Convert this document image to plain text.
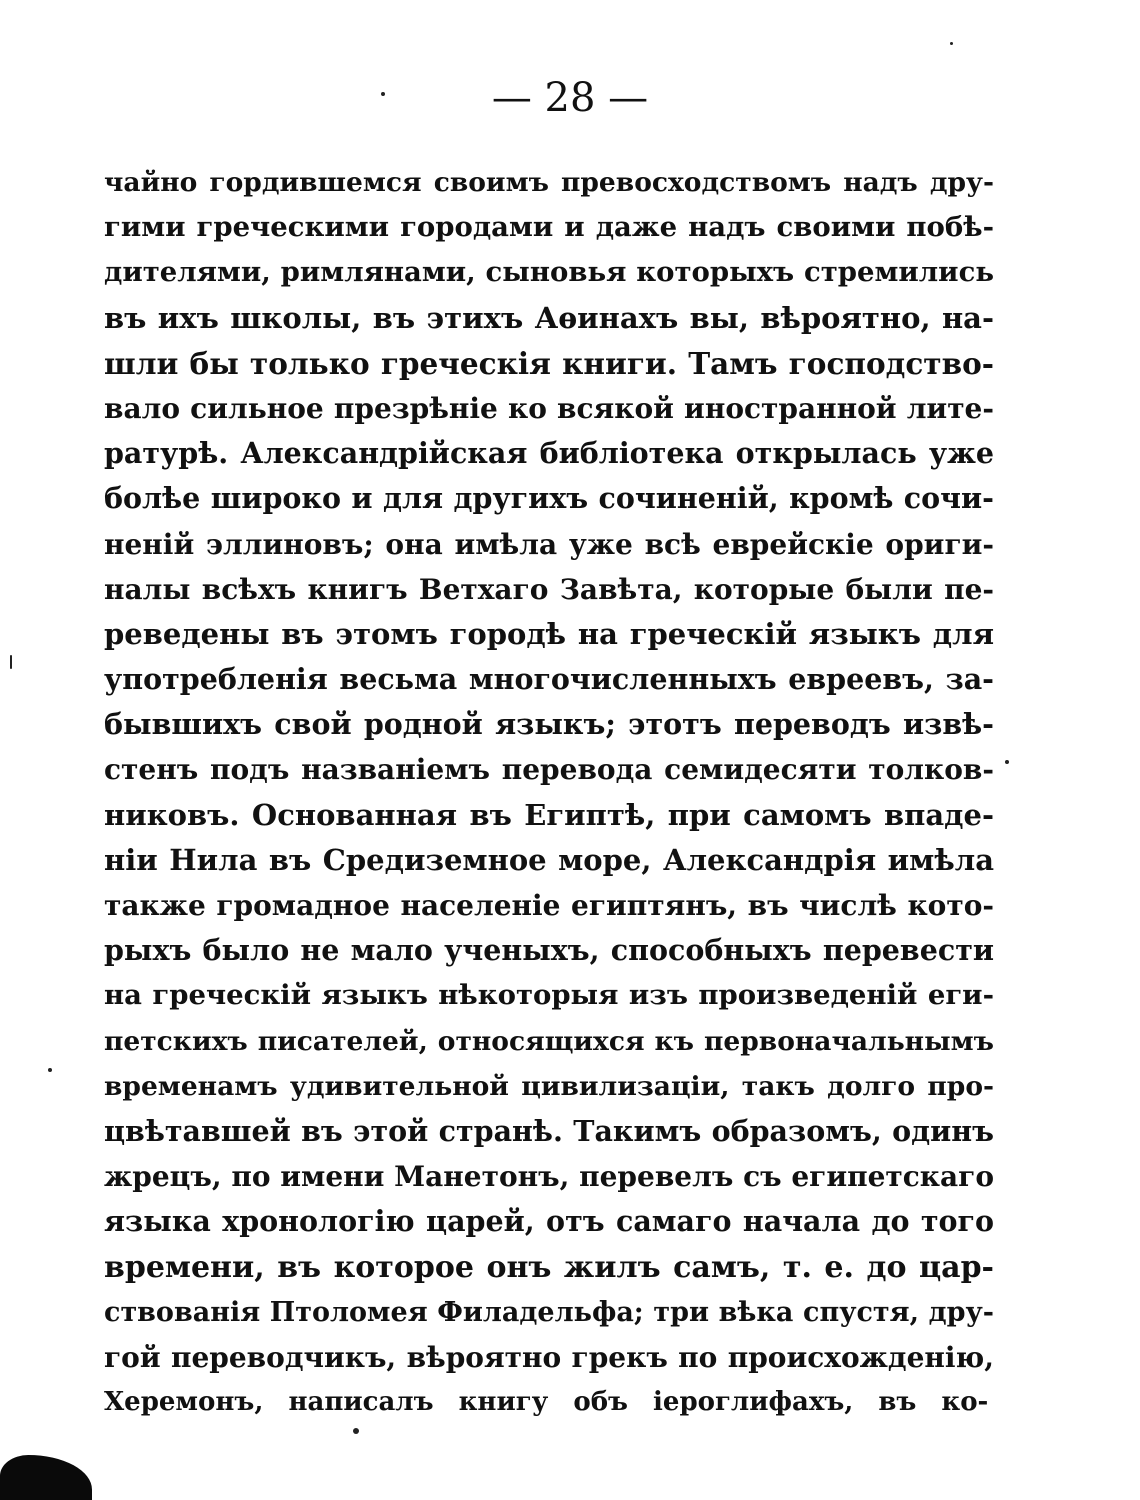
— 28 —
чайно гордившемся своимъ превосходствомъ надъ дру-
гими греческими городами и даже надъ своими побѣ-
дителями, римлянами, сыновья которыхъ стремились
въ ихъ школы, въ этихъ Аѳинахъ вы, вѣроятно, на-
шли бы только греческія книги. Тамъ господство-
вало сильное презрѣніе ко всякой иностранной лите-
ратурѣ. Александрійская библіотека открылась уже
болѣе широко и для другихъ сочиненій, кромѣ сочи-
неній эллиновъ; она имѣла уже всѣ еврейскіе ориги-
налы всѣхъ книгъ Ветхаго Завѣта, которые были пе-
реведены въ этомъ городѣ на греческій языкъ для
употребленія весьма многочисленныхъ евреевъ, за-
бывшихъ свой родной языкъ; этотъ переводъ извѣ-
стенъ подъ названіемъ перевода семидесяти толков-
никовъ. Основанная въ Египтѣ, при самомъ впаде-
ніи Нила въ Средиземное море, Александрія имѣла
также громадное населеніе египтянъ, въ числѣ кото-
рыхъ было не мало ученыхъ, способныхъ перевести
на греческій языкъ нѣкоторыя изъ произведеній еги-
петскихъ писателей, относящихся къ первоначальнымъ
временамъ удивительной цивилизаціи, такъ долго про-
цвѣтавшей въ этой странѣ. Такимъ образомъ, одинъ
жрецъ, по имени Манетонъ, перевелъ съ египетскаго
языка хронологію царей, отъ самаго начала до того
времени, въ которое онъ жилъ самъ, т. е. до цар-
ствованія Птоломея Филадельфа; три вѣка спустя, дру-
гой переводчикъ, вѣроятно грекъ по происхожденію,
Херемонъ, написалъ книгу объ іероглифахъ, въ ко-
